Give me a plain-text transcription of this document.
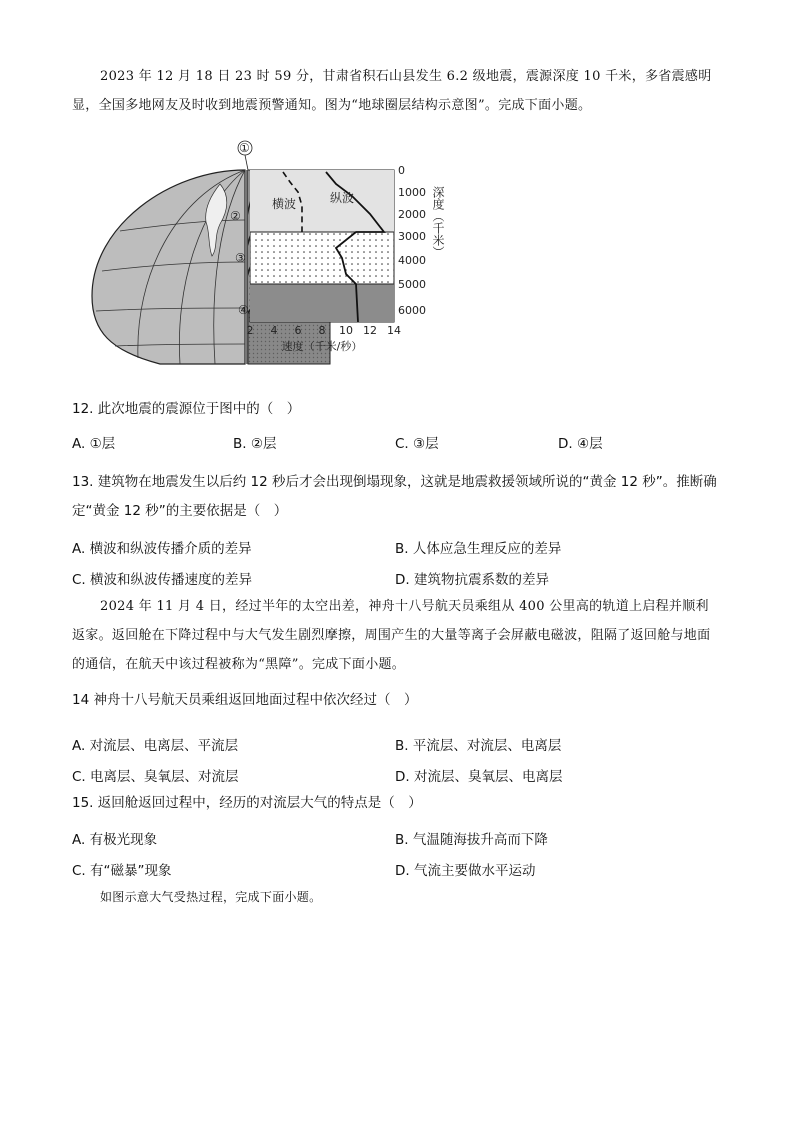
2023 年 12 月 18 日 23 时 59 分，甘肃省积石山县发生 6.2 级地震，震源深度 10 千米，多省震感明显，全国多地网友及时收到地震预警通知。图为“地球圈层结构示意图”。完成下面小题。
横波	纵波
①
②
③
④
0
1000
2000
3000
4000
5000
6000
深度（千米）
2 4 6 8 10 12 14
速度（千米/秒）
12. 此次地震的震源位于图中的（　）
A. ①层	B. ②层	C. ③层	D. ④层
13. 建筑物在地震发生以后约 12 秒后才会出现倒塌现象，这就是地震救援领域所说的“黄金 12 秒”。推断确定“黄金 12 秒”的主要依据是（　）
A. 横波和纵波传播介质的差异	B. 人体应急生理反应的差异
C. 横波和纵波传播速度的差异	D. 建筑物抗震系数的差异
2024 年 11 月 4 日，经过半年的太空出差，神舟十八号航天员乘组从 400 公里高的轨道上启程并顺利返家。返回舱在下降过程中与大气发生剧烈摩擦，周围产生的大量等离子会屏蔽电磁波，阻隔了返回舱与地面的通信，在航天中该过程被称为“黑障”。完成下面小题。
14 神舟十八号航天员乘组返回地面过程中依次经过（　）
A. 对流层、电离层、平流层	B. 平流层、对流层、电离层
C. 电离层、臭氧层、对流层	D. 对流层、臭氧层、电离层
15. 返回舱返回过程中，经历的对流层大气的特点是（　）
A. 有极光现象	B. 气温随海拔升高而下降
C. 有“磁暴”现象	D. 气流主要做水平运动
如图示意大气受热过程，完成下面小题。
